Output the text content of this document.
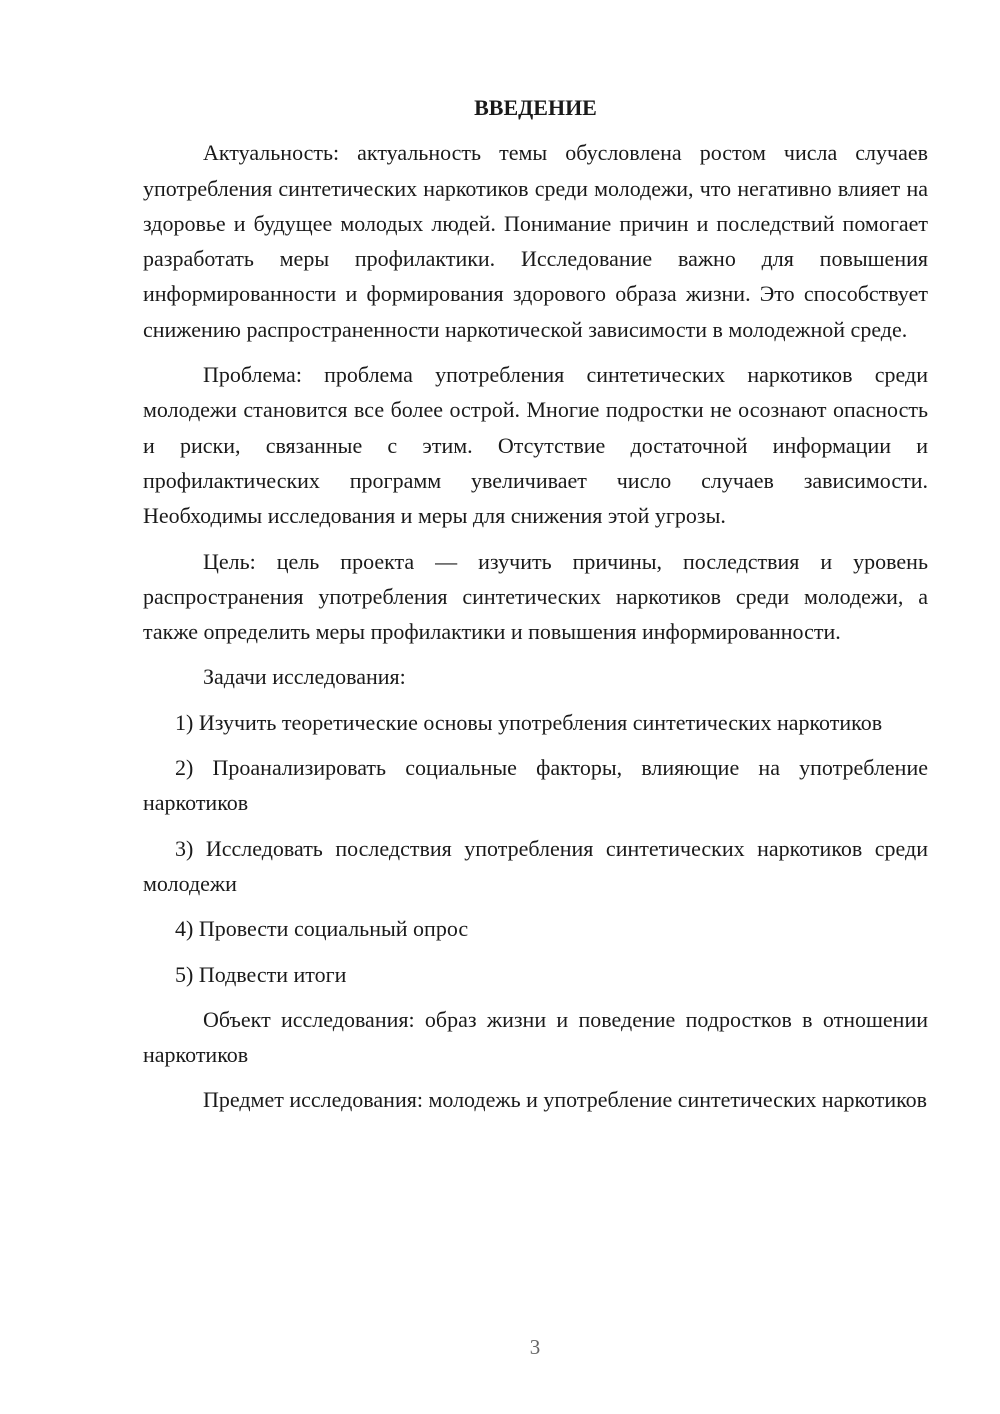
ВВЕДЕНИЕ

Актуальность: актуальность темы обусловлена ростом числа случаев употребления синтетических наркотиков среди молодежи, что негативно влияет на здоровье и будущее молодых людей. Понимание причин и последствий помогает разработать меры профилактики. Исследование важно для повышения информированности и формирования здорового образа жизни. Это способствует снижению распространенности наркотической зависимости в молодежной среде.

Проблема: проблема употребления синтетических наркотиков среди молодежи становится все более острой. Многие подростки не осознают опасность и риски, связанные с этим. Отсутствие достаточной информации и профилактических программ увеличивает число случаев зависимости. Необходимы исследования и меры для снижения этой угрозы.

Цель: цель проекта — изучить причины, последствия и уровень распространения употребления синтетических наркотиков среди молодежи, а также определить меры профилактики и повышения информированности.

Задачи исследования:

1) Изучить теоретические основы употребления синтетических наркотиков

2) Проанализировать социальные факторы, влияющие на употребление наркотиков

3) Исследовать последствия употребления синтетических наркотиков среди молодежи

4) Провести социальный опрос

5) Подвести итоги

Объект исследования: образ жизни и поведение подростков в отношении наркотиков

Предмет исследования: молодежь и употребление синтетических наркотиков

3
